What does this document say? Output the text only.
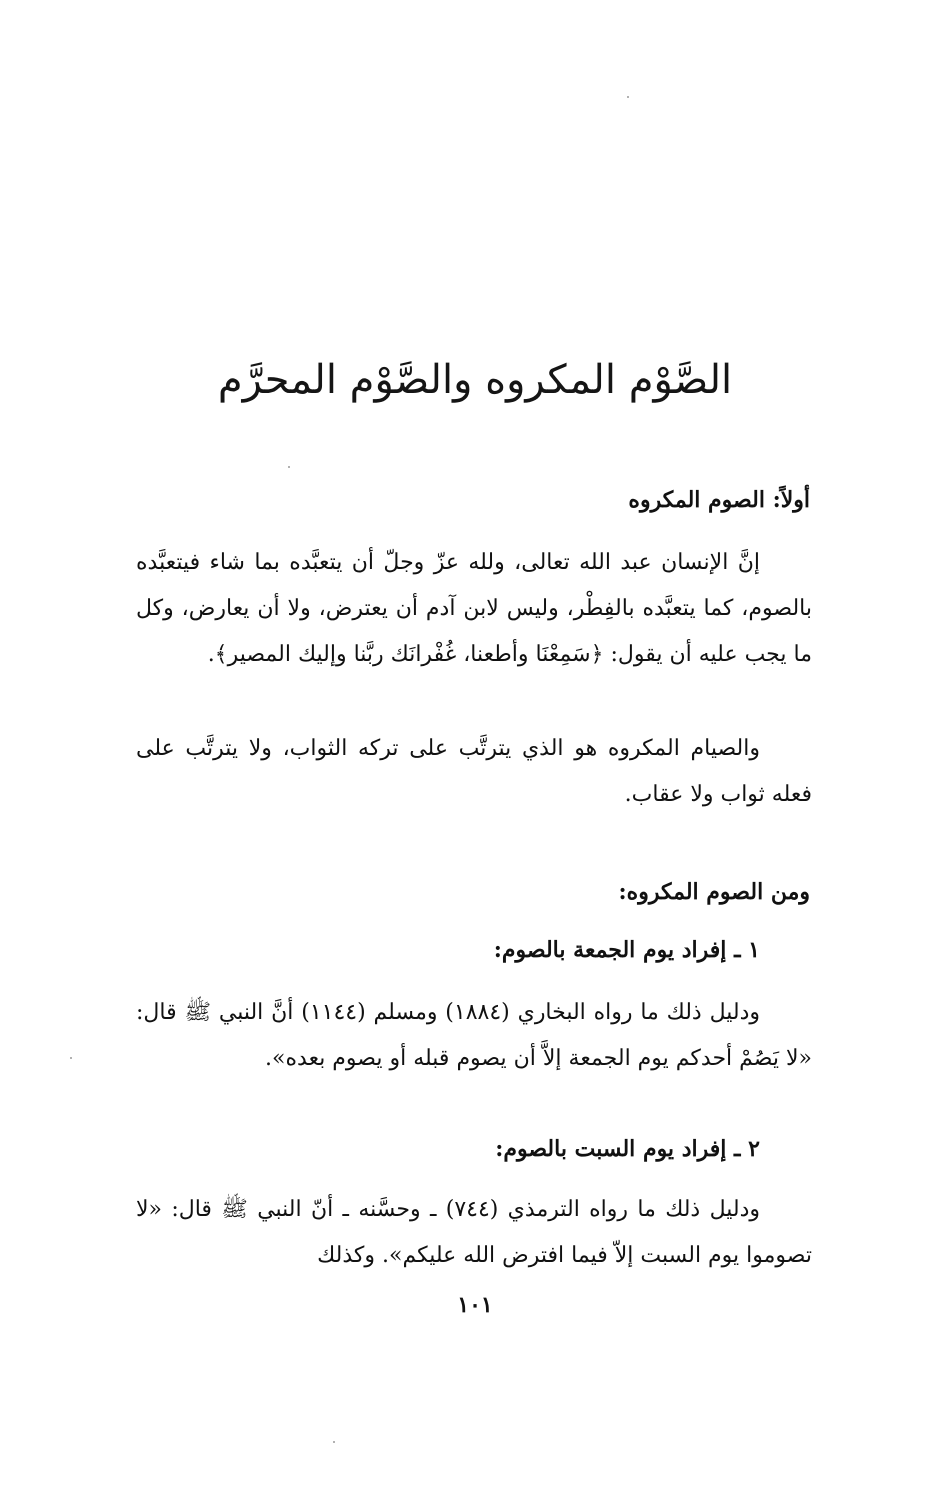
الصَّوْم المكروه والصَّوْم المحرَّم
أولاً: الصوم المكروه
إنَّ الإنسان عبد الله تعالى، ولله عزّ وجلّ أن يتعبَّده بما شاء فيتعبَّده بالصوم، كما يتعبَّده بالفِطْر، وليس لابن آدم أن يعترض، ولا أن يعارض، وكل ما يجب عليه أن يقول: ﴿سَمِعْنَا وأطعنا، غُفْرانَك ربَّنا وإليك المصير﴾.
والصيام المكروه هو الذي يترتَّب على تركه الثواب، ولا يترتَّب على فعله ثواب ولا عقاب.
ومن الصوم المكروه:
١ ـ إفراد يوم الجمعة بالصوم:
ودليل ذلك ما رواه البخاري (١٨٨٤) ومسلم (١١٤٤) أنَّ النبي ﷺ قال: «لا يَصُمْ أحدكم يوم الجمعة إلاَّ أن يصوم قبله أو يصوم بعده».
٢ ـ إفراد يوم السبت بالصوم:
ودليل ذلك ما رواه الترمذي (٧٤٤) ـ وحسَّنه ـ أنّ النبي ﷺ قال: «لا تصوموا يوم السبت إلاّ فيما افترض الله عليكم». وكذلك
١٠١
